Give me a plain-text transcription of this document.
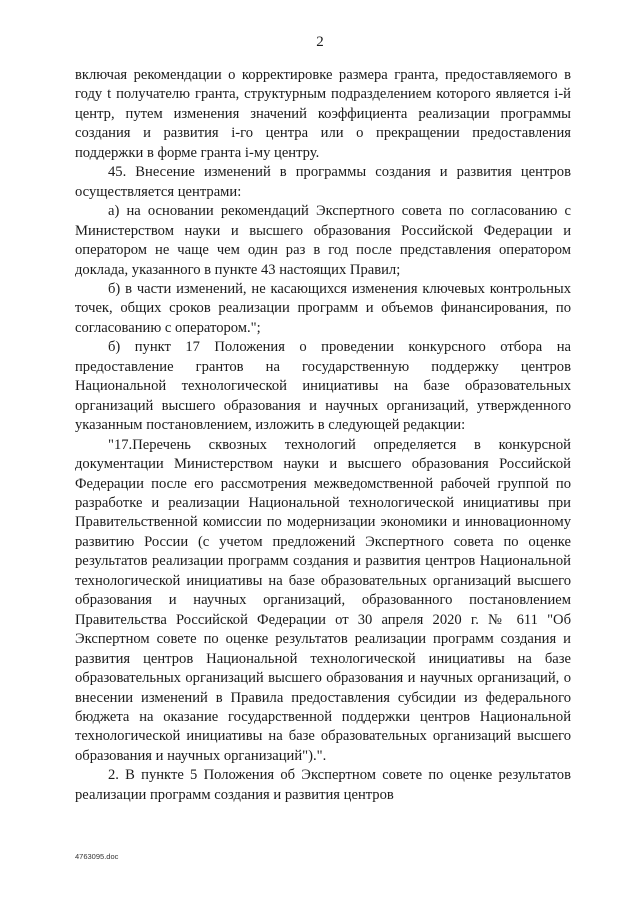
2

включая рекомендации о корректировке размера гранта, предоставляемого в году t получателю гранта, структурным подразделением которого является i-й центр, путем изменения значений коэффициента реализации программы создания и развития i-го центра или о прекращении предоставления поддержки в форме гранта i-му центру.

45. Внесение изменений в программы создания и развития центров осуществляется центрами:

а) на основании рекомендаций Экспертного совета по согласованию с Министерством науки и высшего образования Российской Федерации и оператором не чаще чем один раз в год после представления оператором доклада, указанного в пункте 43 настоящих Правил;

б) в части изменений, не касающихся изменения ключевых контрольных точек, общих сроков реализации программ и объемов финансирования, по согласованию с оператором.";

б) пункт 17 Положения о проведении конкурсного отбора на предоставление грантов на государственную поддержку центров Национальной технологической инициативы на базе образовательных организаций высшего образования и научных организаций, утвержденного указанным постановлением, изложить в следующей редакции:

"17.Перечень сквозных технологий определяется в конкурсной документации Министерством науки и высшего образования Российской Федерации после его рассмотрения межведомственной рабочей группой по разработке и реализации Национальной технологической инициативы при Правительственной комиссии по модернизации экономики и инновационному развитию России (с учетом предложений Экспертного совета по оценке результатов реализации программ создания и развития центров Национальной технологической инициативы на базе образовательных организаций высшего образования и научных организаций, образованного постановлением Правительства Российской Федерации от 30 апреля 2020 г. № 611 "Об Экспертном совете по оценке результатов реализации программ создания и развития центров Национальной технологической инициативы на базе образовательных организаций высшего образования и научных организаций, о внесении изменений в Правила предоставления субсидии из федерального бюджета на оказание государственной поддержки центров Национальной технологической инициативы на базе образовательных организаций высшего образования и научных организаций").".

2. В пункте 5 Положения об Экспертном совете по оценке результатов реализации программ создания и развития центров

4763095.doc
